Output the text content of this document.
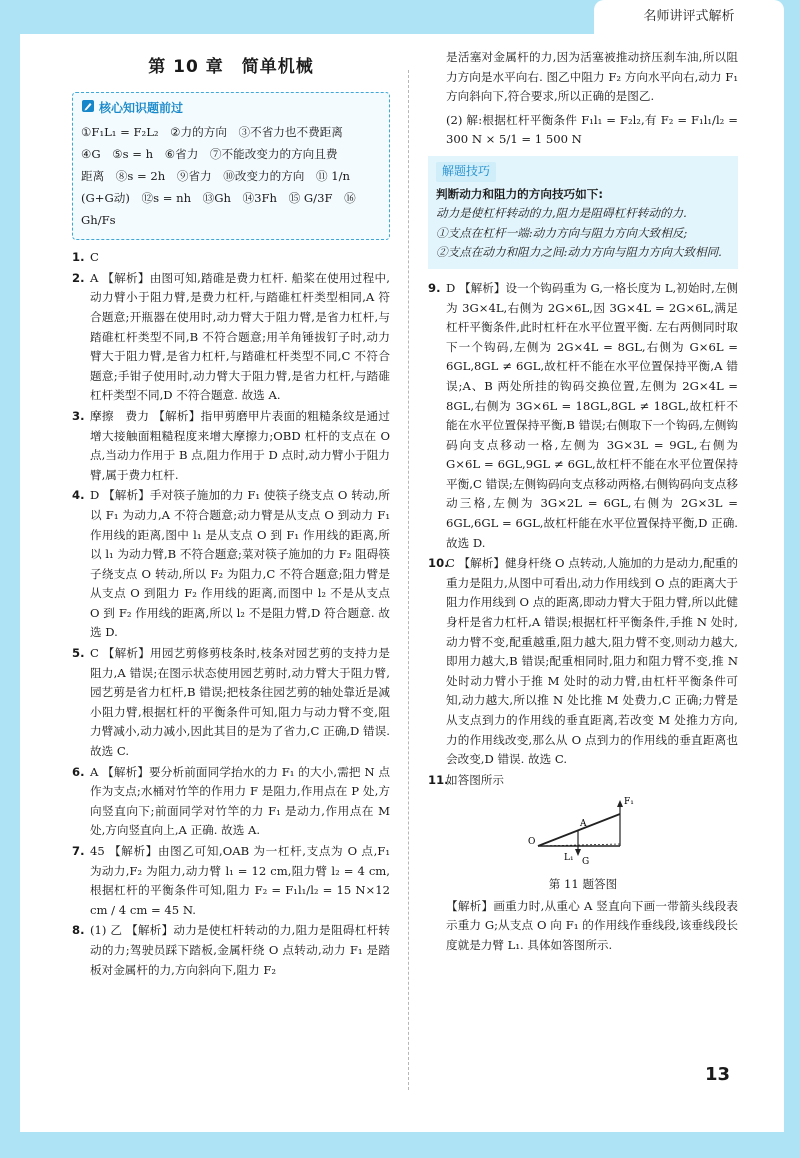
名师讲评式解析
第 10 章　简单机械
核心知识题前过
①F₁L₁ = F₂L₂　②力的方向　③不省力也不费距离
④G　⑤s = h　⑥省力　⑦不能改变力的方向且费
距离　⑧s = 2h　⑨省力　⑩改变力的方向　⑪ 1/n
(G+G动)　⑫s = nh　⑬Gh　⑭3Fh　⑮ G/3F　⑯ Gh/Fs
1. C
2. A 【解析】由图可知,踏碓是费力杠杆. 船桨在使用过程中,动力臂小于阻力臂,是费力杠杆,与踏碓杠杆类型相同,A 符合题意;开瓶器在使用时,动力臂大于阻力臂,是省力杠杆,与踏碓杠杆类型不同,B 不符合题意;用羊角锤拔钉子时,动力臂大于阻力臂,是省力杠杆,与踏碓杠杆类型不同,C 不符合题意;手钳子使用时,动力臂大于阻力臂,是省力杠杆,与踏碓杠杆类型不同,D 不符合题意. 故选 A.
3. 摩擦　费力 【解析】指甲剪磨甲片表面的粗糙条纹是通过增大接触面粗糙程度来增大摩擦力;OBD 杠杆的支点在 O 点,当动力作用于 B 点,阻力作用于 D 点时,动力臂小于阻力臂,属于费力杠杆.
4. D 【解析】手对筷子施加的力 F₁ 使筷子绕支点 O 转动,所以 F₁ 为动力,A 不符合题意;动力臂是从支点 O 到动力 F₁ 作用线的距离,图中 l₁ 是从支点 O 到 F₁ 作用线的距离,所以 l₁ 为动力臂,B 不符合题意;菜对筷子施加的力 F₂ 阻碍筷子绕支点 O 转动,所以 F₂ 为阻力,C 不符合题意;阻力臂是从支点 O 到阻力 F₂ 作用线的距离,而图中 l₂ 不是从支点 O 到 F₂ 作用线的距离,所以 l₂ 不是阻力臂,D 符合题意. 故选 D.
5. C 【解析】用园艺剪修剪枝条时,枝条对园艺剪的支持力是阻力,A 错误;在图示状态使用园艺剪时,动力臂大于阻力臂,园艺剪是省力杠杆,B 错误;把枝条往园艺剪的轴处靠近是减小阻力臂,根据杠杆的平衡条件可知,阻力与动力臂不变,阻力臂减小,动力减小,因此其目的是为了省力,C 正确,D 错误. 故选 C.
6. A 【解析】要分析前面同学抬水的力 F₁ 的大小,需把 N 点作为支点;水桶对竹竿的作用力 F 是阻力,作用点在 P 处,方向竖直向下;前面同学对竹竿的力 F₁ 是动力,作用点在 M 处,方向竖直向上,A 正确. 故选 A.
7. 45 【解析】由图乙可知,OAB 为一杠杆,支点为 O 点,F₁ 为动力,F₂ 为阻力,动力臂 l₁ = 12 cm,阻力臂 l₂ = 4 cm,根据杠杆的平衡条件可知,阻力 F₂ = F₁l₁/l₂ = 15 N×12 cm / 4 cm = 45 N.
8. (1) 乙 【解析】动力是使杠杆转动的力,阻力是阻碍杠杆转动的力;驾驶员踩下踏板,金属杆绕 O 点转动,动力 F₁ 是踏板对金属杆的力,方向斜向下,阻力 F₂
是活塞对金属杆的力,因为活塞被推动挤压刹车油,所以阻力方向是水平向右. 图乙中阻力 F₂ 方向水平向右,动力 F₁ 方向斜向下,符合要求,所以正确的是图乙.
(2) 解:根据杠杆平衡条件 F₁l₁ = F₂l₂,有 F₂ = F₁l₁/l₂ = 300 N × 5/1 = 1 500 N
解题技巧
判断动力和阻力的方向技巧如下:
动力是使杠杆转动的力,阻力是阻碍杠杆转动的力.
①支点在杠杆一端:动力方向与阻力方向大致相反;
②支点在动力和阻力之间:动力方向与阻力方向大致相同.
9. D 【解析】设一个钩码重为 G,一格长度为 L,初始时,左侧为 3G×4L,右侧为 2G×6L,因 3G×4L = 2G×6L,满足杠杆平衡条件,此时杠杆在水平位置平衡. 左右两侧同时取下一个钩码,左侧为 2G×4L = 8GL,右侧为 G×6L = 6GL,8GL ≠ 6GL,故杠杆不能在水平位置保持平衡,A 错误;A、B 两处所挂的钩码交换位置,左侧为 2G×4L = 8GL,右侧为 3G×6L = 18GL,8GL ≠ 18GL,故杠杆不能在水平位置保持平衡,B 错误;右侧取下一个钩码,左侧钩码向支点移动一格,左侧为 3G×3L = 9GL,右侧为 G×6L = 6GL,9GL ≠ 6GL,故杠杆不能在水平位置保持平衡,C 错误;左侧钩码向支点移动两格,右侧钩码向支点移动三格,左侧为 3G×2L = 6GL,右侧为 2G×3L = 6GL,6GL = 6GL,故杠杆能在水平位置保持平衡,D 正确. 故选 D.
10.
C 【解析】健身杆绕 O 点转动,人施加的力是动力,配重的重力是阻力,从图中可看出,动力作用线到 O 点的距离大于阻力作用线到 O 点的距离,即动力臂大于阻力臂,所以此健身杆是省力杠杆,A 错误;根据杠杆平衡条件,手推 N 处时,动力臂不变,配重越重,阻力越大,阻力臂不变,则动力越大,即用力越大,B 错误;配重相同时,阻力和阻力臂不变,推 N 处时动力臂小于推 M 处时的动力臂,由杠杆平衡条件可知,动力越大,所以推 N 处比推 M 处费力,C 正确;力臂是从支点到力的作用线的垂直距离,若改变 M 处推力方向,力的作用线改变,那么从 O 点到力的作用线的垂直距离也会改变,D 错误. 故选 C.
11.
如答图所示
F₁
A
O
L₁ G
第 11 题答图
【解析】画重力时,从重心 A 竖直向下画一带箭头线段表示重力 G;从支点 O 向 F₁ 的作用线作垂线段,该垂线段长度就是力臂 L₁. 具体如答图所示.
13
